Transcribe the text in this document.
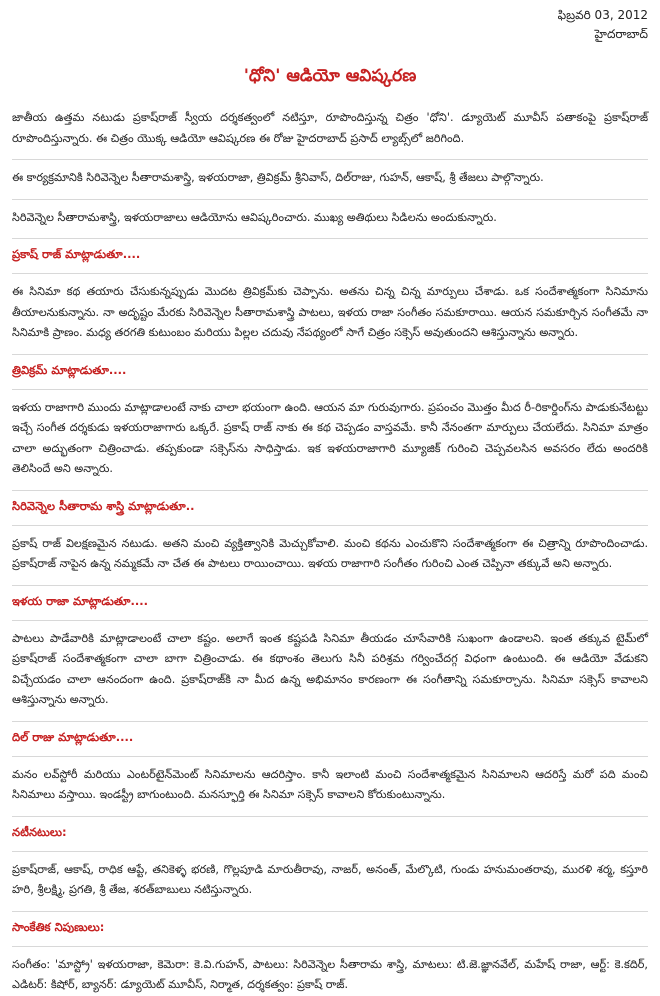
ఫిబ్రవరి 03, 2012
హైదరాబాద్
'ధోని' ఆడియో ఆవిష్కరణ

జాతీయ ఉత్తమ నటుడు ప్రకాష్‌రాజ్ స్వీయ దర్శకత్వంలో నటిస్తూ, రూపొందిస్తున్న చిత్రం 'ధోని'. డ్యూయెట్ మూవీస్ పతాకంపై ప్రకాష్‌రాజ్ రూపొందిస్తున్నారు. ఈ చిత్రం యొక్క ఆడియో ఆవిష్కరణ ఈ రోజు హైదరాబాద్ ప్రసాద్ ల్యాబ్స్‌లో జరిగింది.

ఈ కార్యక్రమానికి సిరివెన్నెల సీతారామశాస్త్రి, ఇళయరాజా, త్రివిక్రమ్ శ్రీనివాస్, దిల్‌రాజు, గుహన్, ఆకాష్, శ్రీ తేజలు పాల్గొన్నారు.

సిరివెన్నెల సీతారామశాస్త్రి, ఇళయరాజాలు ఆడియోను ఆవిష్కరించారు. ముఖ్య అతిథులు సిడిలను అందుకున్నారు.

ప్రకాష్ రాజ్ మాట్లాడుతూ....

ఈ సినిమా కథ తయారు చేసుకున్నప్పుడు మొదట త్రివిక్రమ్‌కు చెప్పాను. అతను చిన్న చిన్న మార్పులు చేశాడు. ఒక సందేశాత్మకంగా సినిమాను తీయాలనుకున్నాను. నా అదృష్టం మేరకు సిరివెన్నెల సీతారామశాస్త్రి పాటలు, ఇళయ రాజా సంగీతం సమకూరాయి. ఆయన సమకూర్చిన సంగీతమే నా సినిమాకి ప్రాణం. మధ్య తరగతి కుటుంబం మరియు పిల్లల చదువు నేపథ్యంలో సాగే చిత్రం సక్సెస్ అవుతుందని ఆశిస్తున్నాను అన్నారు.

త్రివిక్రమ్ మాట్లాడుతూ....

ఇళయ రాజాగారి ముందు మాట్లాడాలంటే నాకు చాలా భయంగా ఉంది. ఆయన మా గురువుగారు. ప్రపంచం మొత్తం మీద రీ-రికార్డింగ్‌ను పాడుకునేటట్టు ఇచ్చే సంగీత దర్శకుడు ఇళయరాజాగారు ఒక్కరే. ప్రకాష్ రాజ్ నాకు ఈ కథ చెప్పడం వాస్తవమే. కానీ నేనంతగా మార్పులు చేయలేదు. సినిమా మాత్రం చాలా అద్భుతంగా చిత్రించాడు. తప్పకుండా సక్సెస్‌ను సాధిస్తాడు. ఇక ఇళయరాజాగారి మ్యూజిక్ గురించి చెప్పవలసిన అవసరం లేదు అందరికి తెలిసిందే అని అన్నారు.

సిరివెన్నెల సీతారామ శాస్త్రి మాట్లాడుతూ..

ప్రకాష్ రాజ్ విలక్షణమైన నటుడు. అతని మంచి వ్యక్తిత్వానికి మెచ్చుకోవాలి. మంచి కథను ఎంచుకొని సందేశాత్మకంగా ఈ చిత్రాన్ని రూపొందించాడు. ప్రకాష్‌రాజ్ నాపైన ఉన్న నమ్మకమే నా చేత ఈ పాటలు రాయించాయి. ఇళయ రాజాగారి సంగీతం గురించి ఎంత చెప్పినా తక్కువే అని అన్నారు.

ఇళయ రాజా మాట్లాడుతూ....

పాటలు పాడేవారికి మాట్లాడాలంటే చాలా కష్టం. అలాగే ఇంత కష్టపడి సినిమా తీయడం చూసేవారికి సుఖంగా ఉండాలని. ఇంత తక్కువ టైమ్‌లో ప్రకాష్‌రాజ్ సందేశాత్మకంగా చాలా బాగా చిత్రించాడు. ఈ కథాంశం తెలుగు సినీ పరిశ్రమ గర్వించేదగ్గ విధంగా ఉంటుంది. ఈ ఆడియో వేడుకని విచ్చేయడం చాలా ఆనందంగా ఉంది. ప్రకాష్‌రాజ్‌కి నా మీద ఉన్న అభిమానం కారణంగా ఈ సంగీతాన్ని సమకూర్చాను. సినిమా సక్సెస్ కావాలని ఆశిస్తున్నాను అన్నారు.

దిల్ రాజు మాట్లాడుతూ....

మనం లవ్‌స్టోరీ మరియు ఎంటర్‌టైన్‌మెంట్ సినిమాలను ఆదరిస్తాం. కానీ ఇలాంటి మంచి సందేశాత్మకమైన సినిమాలని ఆదరిస్తే మరో పది మంచి సినిమాలు వస్తాయి. ఇండస్ట్రీ బాగుంటుంది. మనస్ఫూర్తి ఈ సినిమా సక్సెస్ కావాలని కోరుకుంటున్నాను.

నటీనటులు:

ప్రకాష్‌రాజ్, ఆకాష్, రాధిక ఆప్టే, తనికెళ్ళ భరణి, గొల్లపూడి మారుతీరావు, నాజర్, అనంత్, మేల్కొటి, గుండు హనుమంతరావు, మురళి శర్మ, కస్తూరి హరి, శ్రీలక్ష్మి, ప్రగతి, శ్రీ తేజ, శరత్‌బాబులు నటిస్తున్నారు.

సాంకేతిక నిపుణులు:

సంగీతం: 'మాస్ట్రో' ఇళయరాజా, కెమెరా: కె.వి.గుహన్, పాటలు: సిరివెన్నెల సీతారామ శాస్త్రి, మాటలు: టి.జె.జ్ఞానవేల్, మహేష్ రాజా, ఆర్ట్: కె.కదిర్, ఎడిటర్: కిషోర్, బ్యానర్: డ్యూయెట్ మూవీస్, నిర్మాత, దర్శకత్వం: ప్రకాష్ రాజ్.
